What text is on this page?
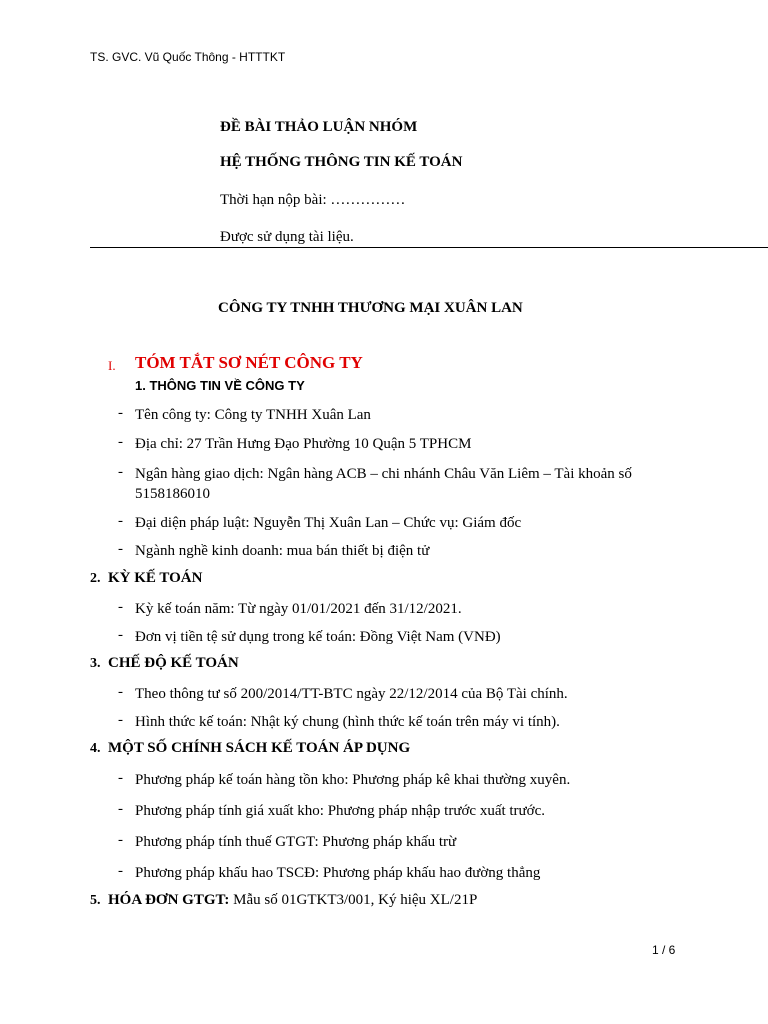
TS. GVC. Vũ Quốc Thông - HTTTKT
ĐỀ BÀI THẢO LUẬN NHÓM
HỆ THỐNG THÔNG TIN KẾ TOÁN
Thời hạn nộp bài: ……………
Được sử dụng tài liệu.
CÔNG TY TNHH THƯƠNG MẠI XUÂN LAN
I. TÓM TẮT SƠ NÉT CÔNG TY
1. THÔNG TIN VỀ CÔNG TY
- Tên công ty: Công ty TNHH Xuân Lan
- Địa chỉ: 27 Trần Hưng Đạo Phường 10 Quận 5 TPHCM
- Ngân hàng giao dịch: Ngân hàng ACB – chi nhánh Châu Văn Liêm – Tài khoản số
5158186010
- Đại diện pháp luật: Nguyễn Thị Xuân Lan – Chức vụ: Giám đốc
- Ngành nghề kinh doanh: mua bán thiết bị điện tử
2. KỲ KẾ TOÁN
- Kỳ kế toán năm: Từ ngày 01/01/2021 đến 31/12/2021.
- Đơn vị tiền tệ sử dụng trong kế toán: Đồng Việt Nam (VNĐ)
3. CHẾ ĐỘ KẾ TOÁN
- Theo thông tư số 200/2014/TT-BTC ngày 22/12/2014 của Bộ Tài chính.
- Hình thức kế toán: Nhật ký chung (hình thức kế toán trên máy vi tính).
4. MỘT SỐ CHÍNH SÁCH KẾ TOÁN ÁP DỤNG
- Phương pháp kế toán hàng tồn kho: Phương pháp kê khai thường xuyên.
- Phương pháp tính giá xuất kho: Phương pháp nhập trước xuất trước.
- Phương pháp tính thuế GTGT: Phương pháp khấu trừ
- Phương pháp khấu hao TSCĐ: Phương pháp khấu hao đường thẳng
5. HÓA ĐƠN GTGT: Mẫu số 01GTKT3/001, Ký hiệu XL/21P
1 / 6
